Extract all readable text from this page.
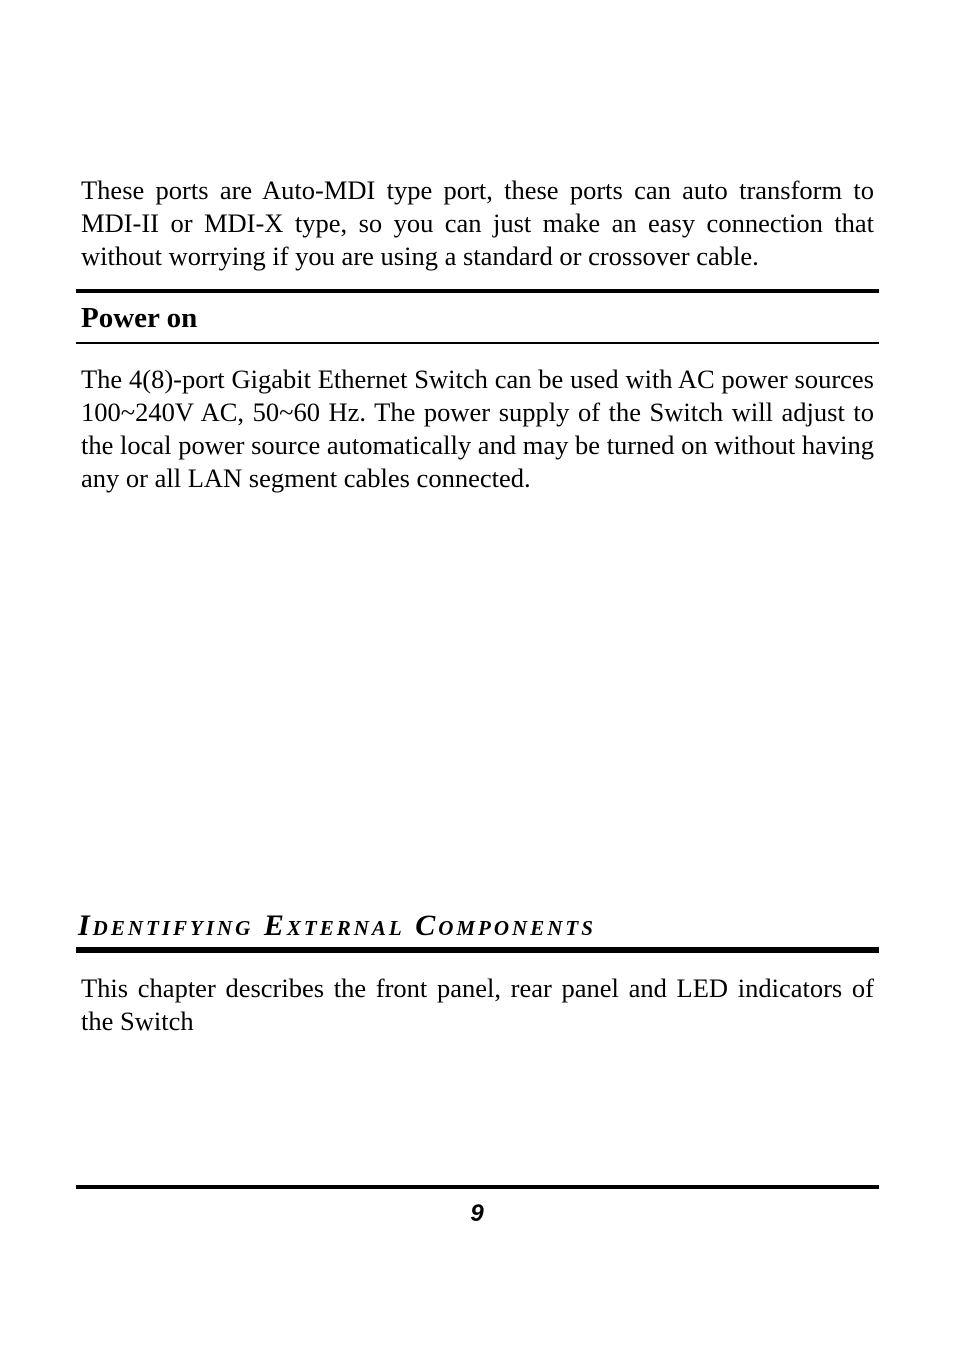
These ports are Auto-MDI type port, these ports can auto transform to MDI-II or MDI-X type, so you can just make an easy connection that without worrying if you are using a standard or crossover cable.

Power on

The 4(8)-port Gigabit Ethernet Switch can be used with AC power sources 100~240V AC, 50~60 Hz. The power supply of the Switch will adjust to the local power source automatically and may be turned on without having any or all LAN segment cables connected.

Identifying External Components

This chapter describes the front panel, rear panel and LED indicators of the Switch

9
